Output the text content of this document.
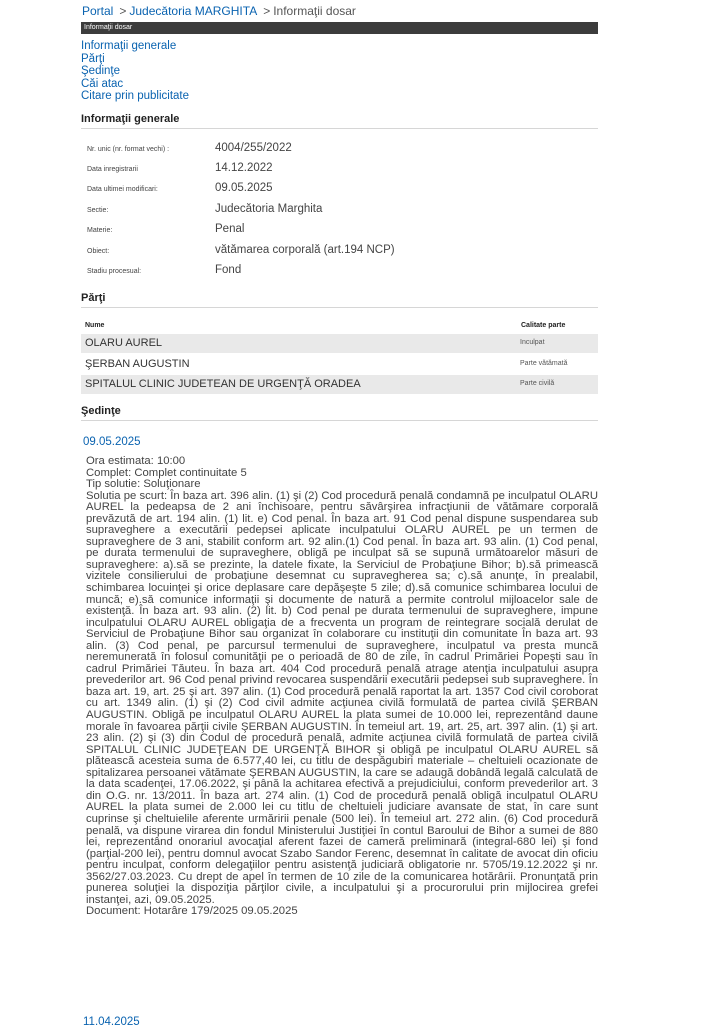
Portal > Judecătoria MARGHITA > Informaţii dosar
Informaţii dosar
Informaţii generale
Părţi
Şedinţe
Căi atac
Citare prin publicitate
Informaţii generale
Nr. unic (nr. format vechi) :	4004/255/2022
Data inregistrarii	14.12.2022
Data ultimei modificari:	09.05.2025
Sectie:	Judecătoria Marghita
Materie:	Penal
Obiect:	vătămarea corporală (art.194 NCP)
Stadiu procesual:	Fond
Părţi
Nume	Calitate parte
OLARU AUREL	Inculpat
ŞERBAN AUGUSTIN	Parte vătămată
SPITALUL CLINIC JUDETEAN DE URGENŢĂ ORADEA	Parte civilă
Şedinţe
09.05.2025
Ora estimata: 10:00
Complet: Complet continuitate 5
Tip solutie: Soluţionare
Solutia pe scurt: În baza art. 396 alin. (1) şi (2) Cod procedură penală condamnă pe inculpatul OLARU AUREL la pedeapsa de 2 ani închisoare, pentru săvârşirea infracţiunii de vătămare corporală prevăzută de art. 194 alin. (1) lit. e) Cod penal. În baza art. 91 Cod penal dispune suspendarea sub supraveghere a executării pedepsei aplicate inculpatului OLARU AUREL pe un termen de supraveghere de 3 ani, stabilit conform art. 92 alin.(1) Cod penal. În baza art. 93 alin. (1) Cod penal, pe durata termenului de supraveghere, obligă pe inculpat să se supună următoarelor măsuri de supraveghere: a).să se prezinte, la datele fixate, la Serviciul de Probaţiune Bihor; b).să primească vizitele consilierului de probaţiune desemnat cu supravegherea sa; c).să anunţe, în prealabil, schimbarea locuinţei şi orice deplasare care depăşeşte 5 zile; d).să comunice schimbarea locului de muncă; e).să comunice informaţii şi documente de natură a permite controlul mijloacelor sale de existenţă. În baza art. 93 alin. (2) lit. b) Cod penal pe durata termenului de supraveghere, impune inculpatului OLARU AUREL obligaţia de a frecventa un program de reintegrare socială derulat de Serviciul de Probaţiune Bihor sau organizat în colaborare cu instituţii din comunitate În baza art. 93 alin. (3) Cod penal, pe parcursul termenului de supraveghere, inculpatul va presta muncă neremunerată în folosul comunităţii pe o perioadă de 80 de zile, în cadrul Primăriei Popeşti sau în cadrul Primăriei Tăuteu. În baza art. 404 Cod procedură penală atrage atenţia inculpatului asupra prevederilor art. 96 Cod penal privind revocarea suspendării executării pedepsei sub supraveghere. În baza art. 19, art. 25 şi art. 397 alin. (1) Cod procedură penală raportat la art. 1357 Cod civil coroborat cu art. 1349 alin. (1) şi (2) Cod civil admite acţiunea civilă formulată de partea civilă ŞERBAN AUGUSTIN. Obligă pe inculpatul OLARU AUREL la plata sumei de 10.000 lei, reprezentând daune morale în favoarea părţii civile ŞERBAN AUGUSTIN. În temeiul art. 19, art. 25, art. 397 alin. (1) şi art. 23 alin. (2) şi (3) din Codul de procedură penală, admite acţiunea civilă formulată de partea civilă SPITALUL CLINIC JUDEŢEAN DE URGENŢĂ BIHOR şi obligă pe inculpatul OLARU AUREL să plătească acesteia suma de 6.577,40 lei, cu titlu de despăgubiri materiale – cheltuieli ocazionate de spitalizarea persoanei vătămate ŞERBAN AUGUSTIN, la care se adaugă dobândă legală calculată de la data scadenţei, 17.06.2022, şi până la achitarea efectivă a prejudiciului, conform prevederilor art. 3 din O.G. nr. 13/2011. În baza art. 274 alin. (1) Cod de procedură penală obligă inculpatul OLARU AUREL la plata sumei de 2.000 lei cu titlu de cheltuieli judiciare avansate de stat, în care sunt cuprinse şi cheltuielile aferente urmăririi penale (500 lei). În temeiul art. 272 alin. (6) Cod procedură penală, va dispune virarea din fondul Ministerului Justiţiei în contul Baroului de Bihor a sumei de 880 lei, reprezentând onorariul avocaţial aferent fazei de cameră preliminară (integral-680 lei) şi fond (parţial-200 lei), pentru domnul avocat Szabo Sandor Ferenc, desemnat în calitate de avocat din oficiu pentru inculpat, conform delegaţiilor pentru asistenţă judiciară obligatorie nr. 5705/19.12.2022 şi nr. 3562/27.03.2023. Cu drept de apel în termen de 10 zile de la comunicarea hotărârii. Pronunţată prin punerea soluţiei la dispoziţia părţilor civile, a inculpatului şi a procurorului prin mijlocirea grefei instanţei, azi, 09.05.2025.
Document: Hotarâre 179/2025 09.05.2025
11.04.2025
